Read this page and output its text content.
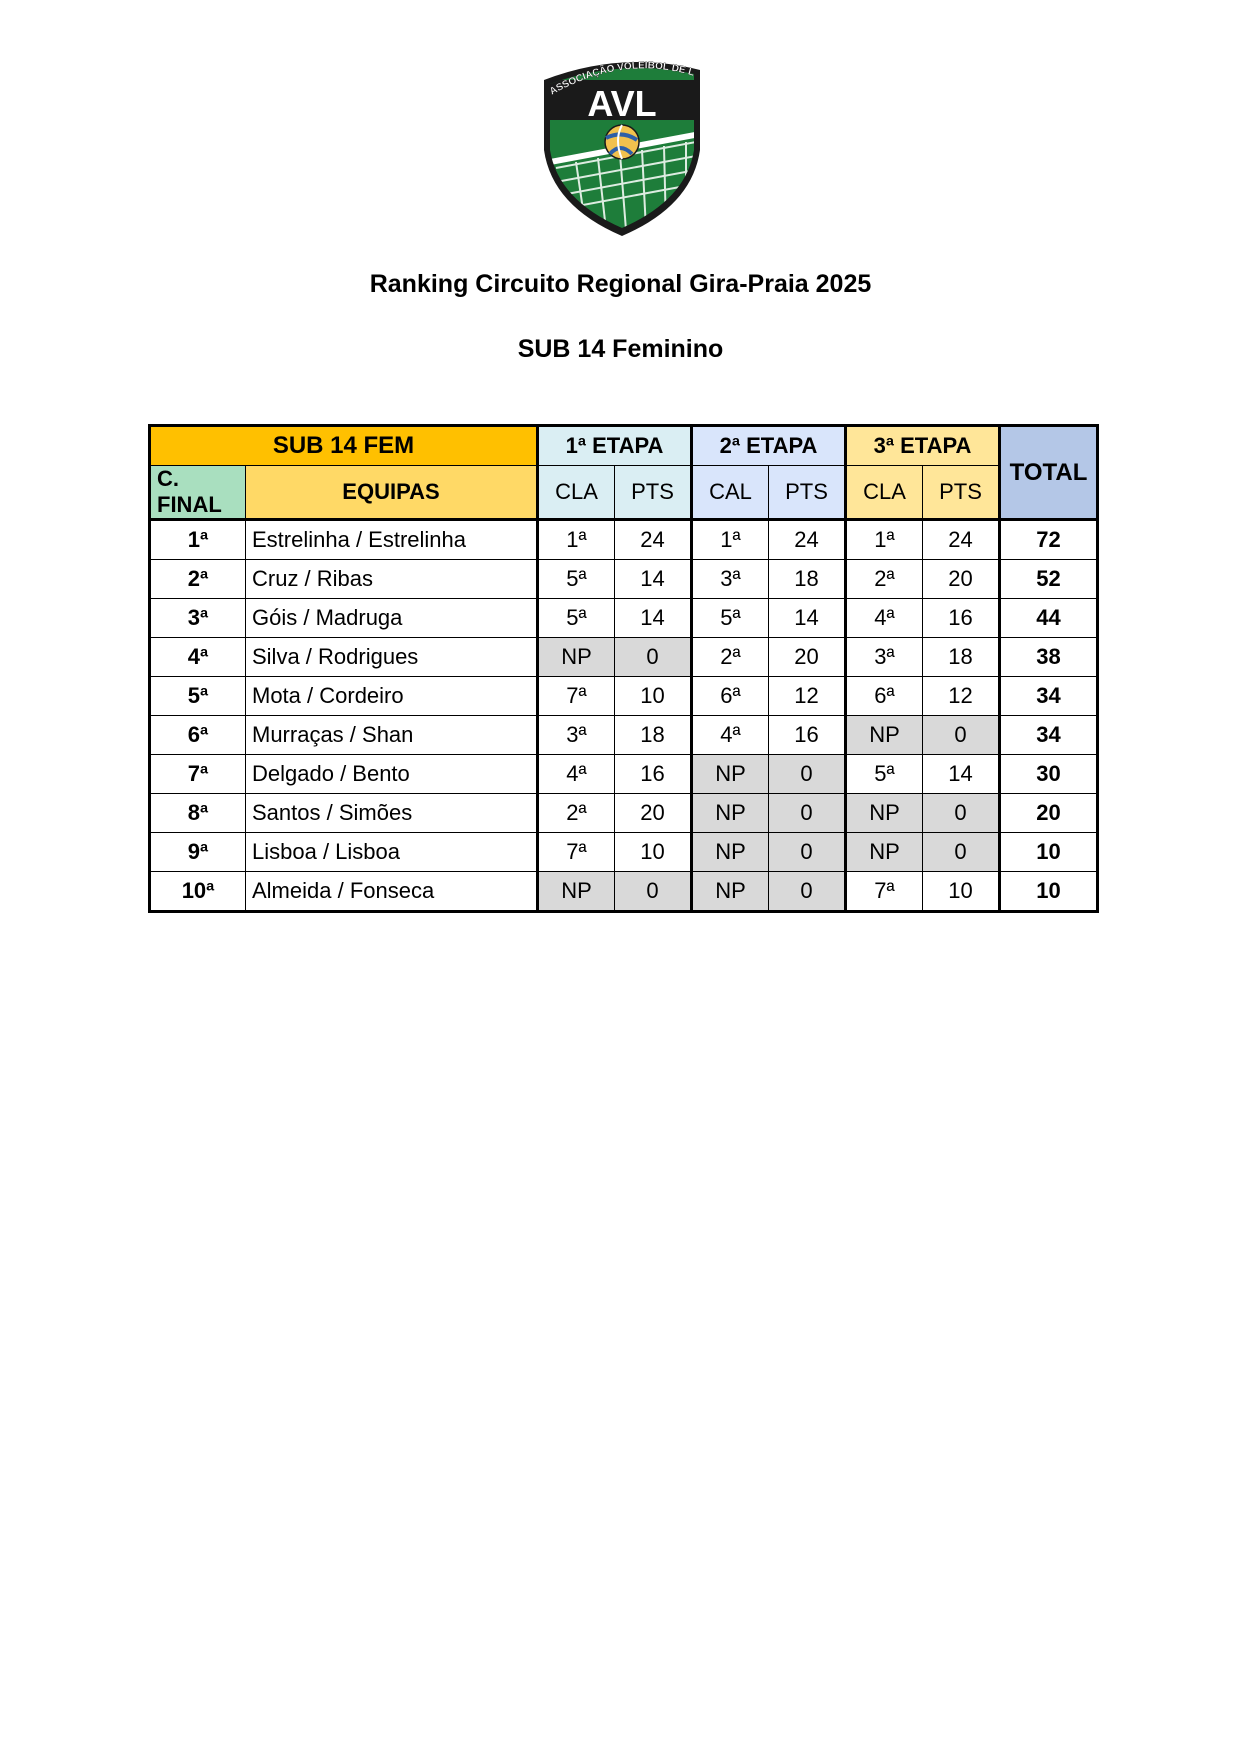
AVL
ASSOCIAÇÃO VOLEIBOL DE L
Ranking Circuito Regional Gira-Praia 2025
SUB 14 Feminino
SUB 14 FEM		1ª ETAPA		2ª ETAPA		3ª ETAPA		TOTAL
C. FINAL	EQUIPAS	CLA	PTS	CAL	PTS	CLA	PTS	
1ª	Estrelinha / Estrelinha	1ª	24	1ª	24	1ª	24	72
2ª	Cruz / Ribas	5ª	14	3ª	18	2ª	20	52
3ª	Góis / Madruga	5ª	14	5ª	14	4ª	16	44
4ª	Silva / Rodrigues	NP	0	2ª	20	3ª	18	38
5ª	Mota / Cordeiro	7ª	10	6ª	12	6ª	12	34
6ª	Murraças / Shan	3ª	18	4ª	16	NP	0	34
7ª	Delgado / Bento	4ª	16	NP	0	5ª	14	30
8ª	Santos / Simões	2ª	20	NP	0	NP	0	20
9ª	Lisboa / Lisboa	7ª	10	NP	0	NP	0	10
10ª	Almeida / Fonseca	NP	0	NP	0	7ª	10	10
